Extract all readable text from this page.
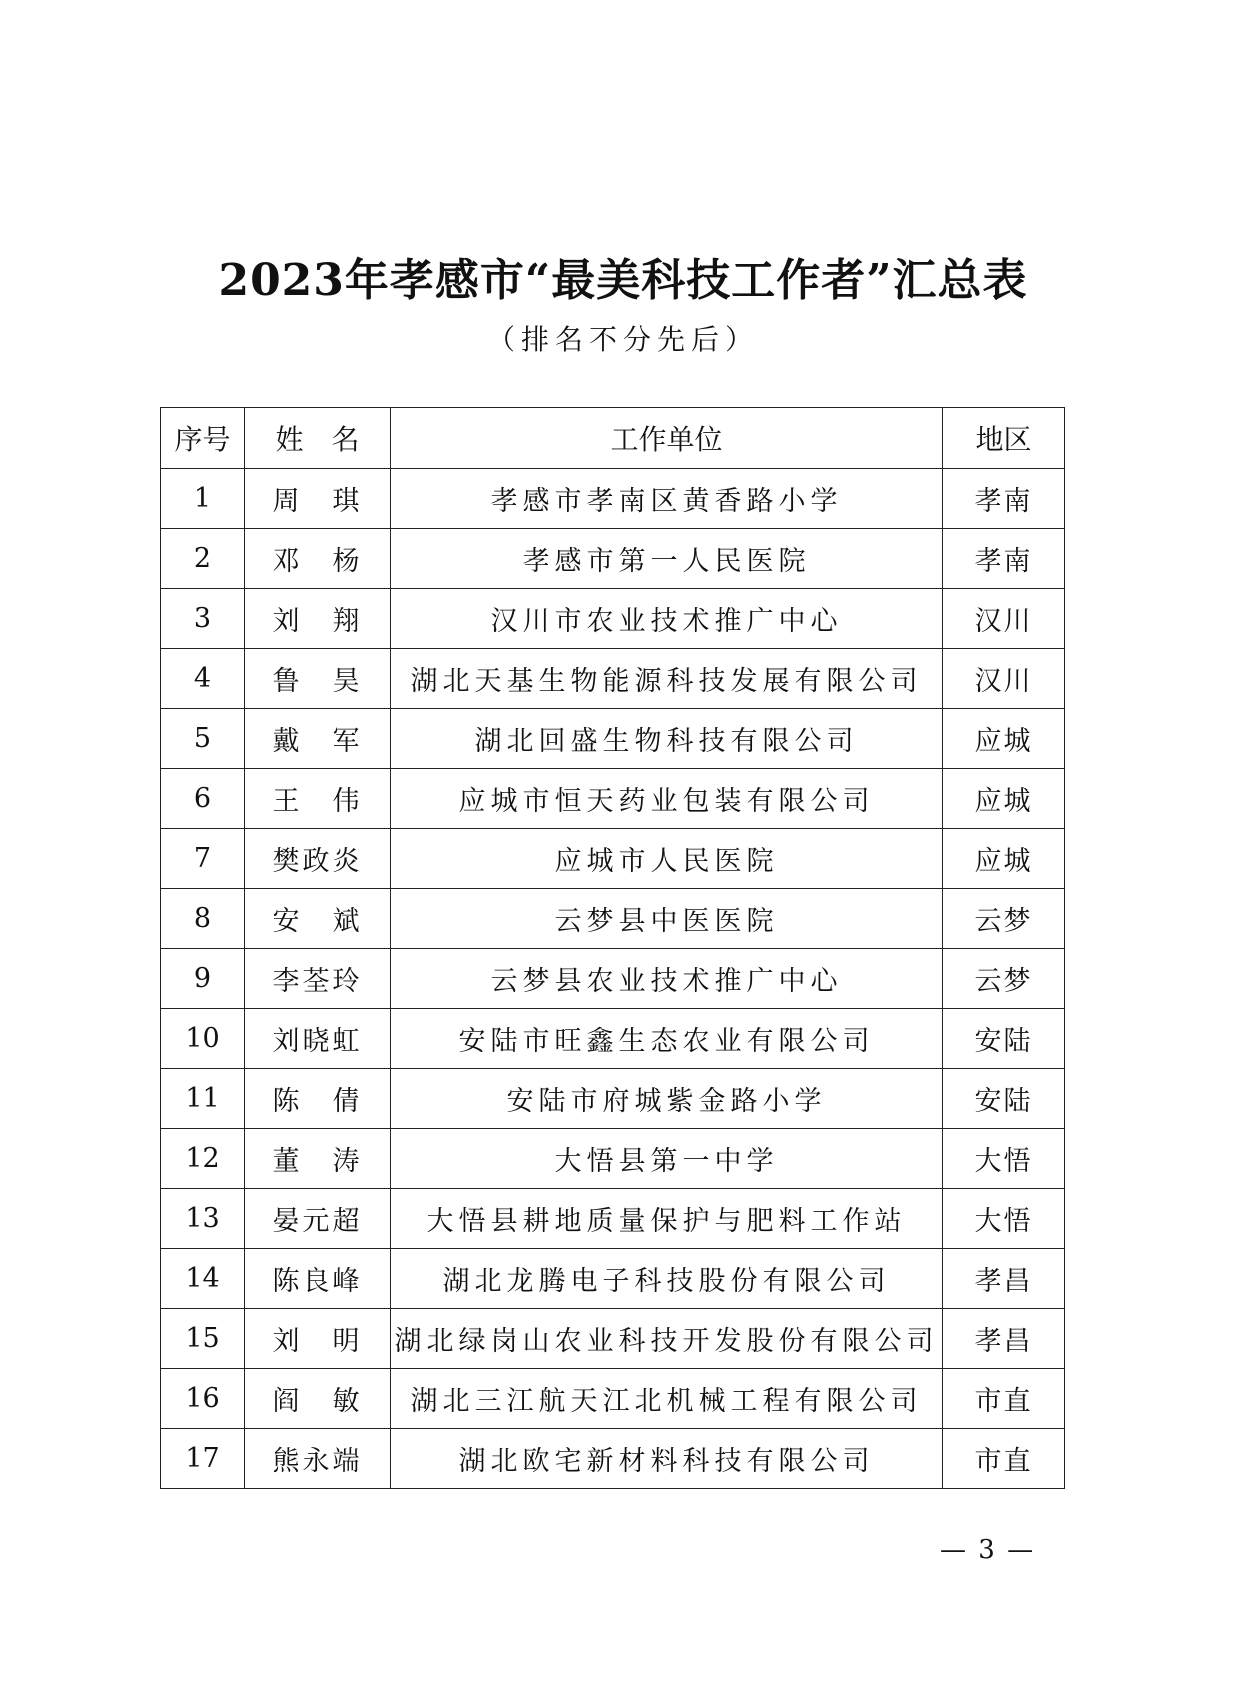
2023年孝感市“最美科技工作者”汇总表
（排名不分先后）
序号	姓　名	工作单位	地区
1	周　琪	孝感市孝南区黄香路小学	孝南
2	邓　杨	孝感市第一人民医院	孝南
3	刘　翔	汉川市农业技术推广中心	汉川
4	鲁　昊	湖北天基生物能源科技发展有限公司	汉川
5	戴　军	湖北回盛生物科技有限公司	应城
6	王　伟	应城市恒天药业包装有限公司	应城
7	樊政炎	应城市人民医院	应城
8	安　斌	云梦县中医医院	云梦
9	李荃玲	云梦县农业技术推广中心	云梦
10	刘晓虹	安陆市旺鑫生态农业有限公司	安陆
11	陈　倩	安陆市府城紫金路小学	安陆
12	董　涛	大悟县第一中学	大悟
13	晏元超	大悟县耕地质量保护与肥料工作站	大悟
14	陈良峰	湖北龙腾电子科技股份有限公司	孝昌
15	刘　明	湖北绿岗山农业科技开发股份有限公司	孝昌
16	阎　敏	湖北三江航天江北机械工程有限公司	市直
17	熊永端	湖北欧宅新材料科技有限公司	市直
— 3 —
